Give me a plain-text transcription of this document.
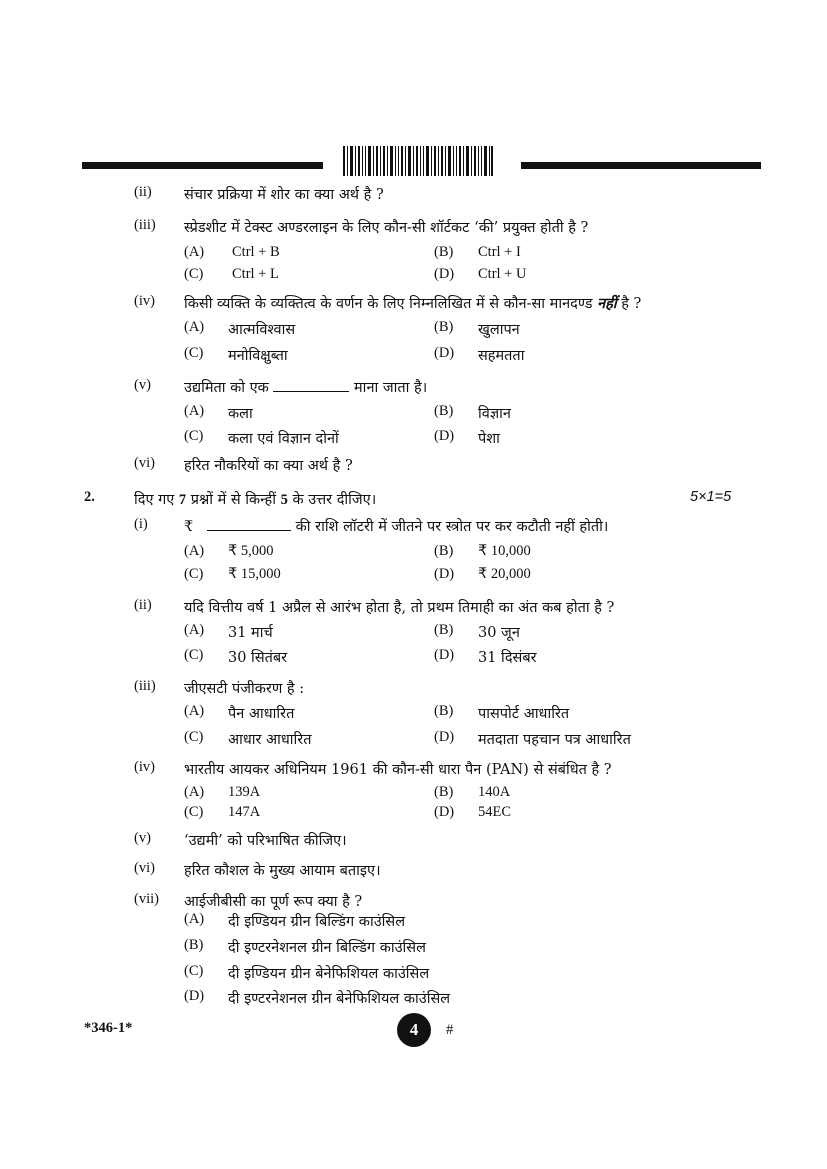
(ii) संचार प्रक्रिया में शोर का क्या अर्थ है ?
(iii) स्प्रेडशीट में टेक्स्ट अण्डरलाइन के लिए कौन-सी शॉर्टकट ‘की’ प्रयुक्त होती है ?
(A) Ctrl + B	(B) Ctrl + I
(C) Ctrl + L	(D) Ctrl + U
(iv) किसी व्यक्ति के व्यक्तित्व के वर्णन के लिए निम्नलिखित में से कौन-सा मानदण्ड नहीं है ?
(A) आत्मविश्वास	(B) खुलापन
(C) मनोविक्षुब्ता	(D) सहमतता
(v) उद्यमिता को एक	माना जाता है।
(A) कला	(B) विज्ञान
(C) कला एवं विज्ञान दोनों	(D) पेशा
(vi) हरित नौकरियों का क्या अर्थ है ?
2.	दिए गए 7 प्रश्नों में से किन्हीं 5 के उत्तर दीजिए।	5×1=5
(i)	₹	की राशि लॉटरी में जीतने पर स्त्रोत पर कर कटौती नहीं होती।
(A) ₹ 5,000	(B) ₹ 10,000
(C) ₹ 15,000	(D) ₹ 20,000
(ii) यदि वित्तीय वर्ष 1 अप्रैल से आरंभ होता है, तो प्रथम तिमाही का अंत कब होता है ?
(A) 31 मार्च	(B) 30 जून
(C) 30 सितंबर	(D) 31 दिसंबर
(iii) जीएसटी पंजीकरण है :
(A) पैन आधारित	(B) पासपोर्ट आधारित
(C) आधार आधारित	(D) मतदाता पहचान पत्र आधारित
(iv) भारतीय आयकर अधिनियम 1961 की कौन-सी धारा पैन (PAN) से संबंधित है ?
(A) 139A	(B) 140A
(C) 147A	(D) 54EC
(v) ‘उद्यमी’ को परिभाषित कीजिए।
(vi) हरित कौशल के मुख्य आयाम बताइए।
(vii) आईजीबीसी का पूर्ण रूप क्या है ?
(A) दी इण्डियन ग्रीन बिल्डिंग काउंसिल
(B) दी इण्टरनेशनल ग्रीन बिल्डिंग काउंसिल
(C) दी इण्डियन ग्रीन बेनेफिशियल काउंसिल
(D) दी इण्टरनेशनल ग्रीन बेनेफिशियल काउंसिल
*346-1*	4	#
